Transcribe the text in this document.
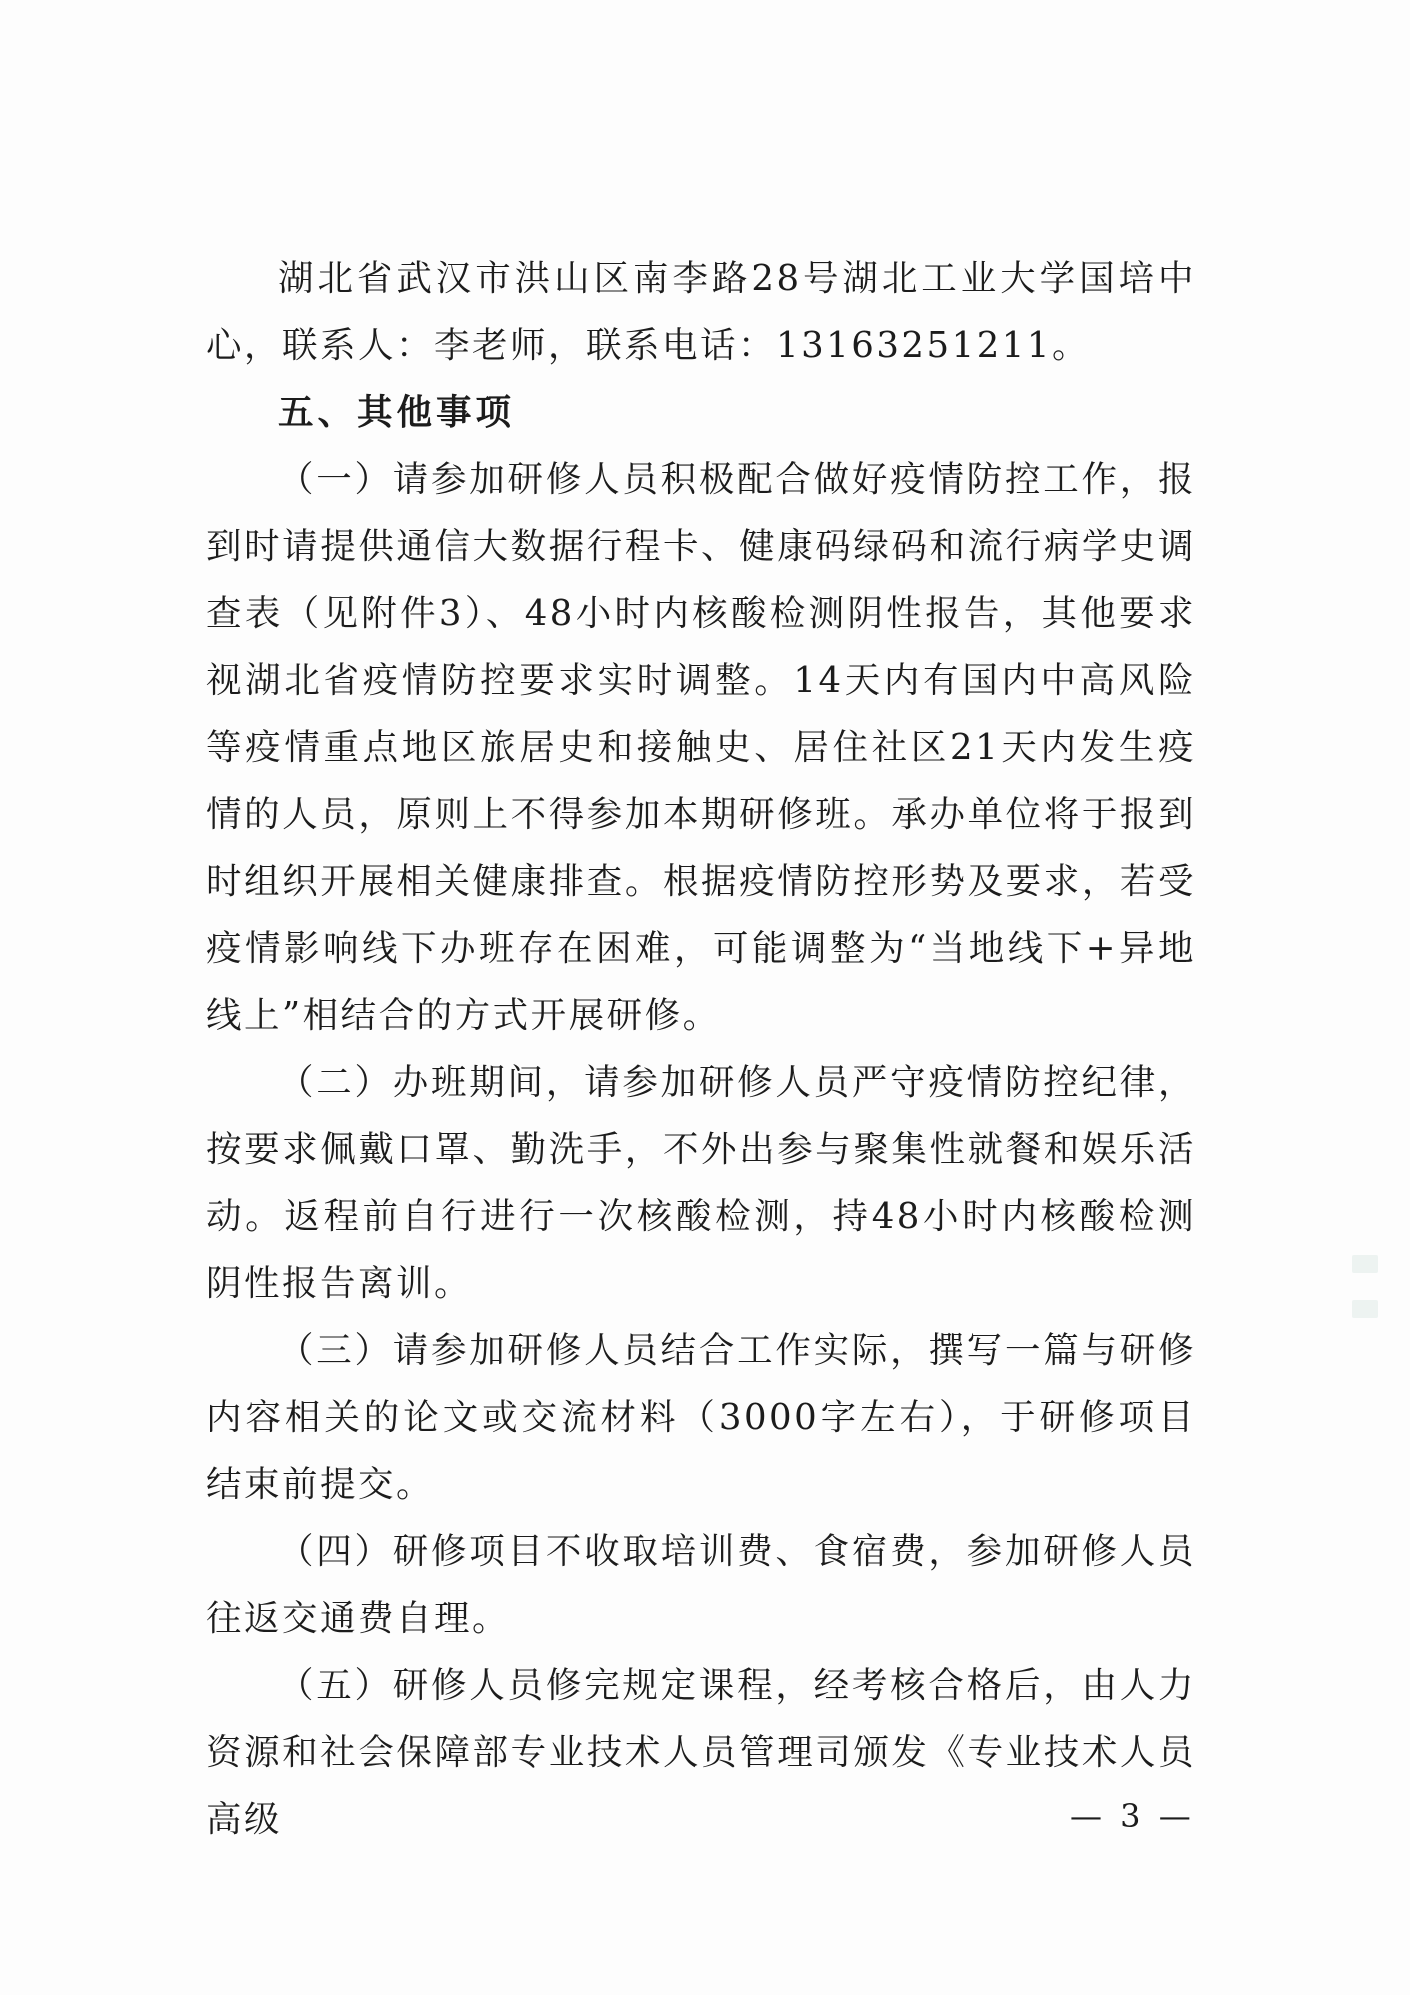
湖北省武汉市洪山区南李路28号湖北工业大学国培中心，联系人：李老师，联系电话：13163251211。

五、其他事项

（一）请参加研修人员积极配合做好疫情防控工作，报到时请提供通信大数据行程卡、健康码绿码和流行病学史调查表（见附件3）、48小时内核酸检测阴性报告，其他要求视湖北省疫情防控要求实时调整。14天内有国内中高风险等疫情重点地区旅居史和接触史、居住社区21天内发生疫情的人员，原则上不得参加本期研修班。承办单位将于报到时组织开展相关健康排查。根据疫情防控形势及要求，若受疫情影响线下办班存在困难，可能调整为“当地线下+异地线上”相结合的方式开展研修。

（二）办班期间，请参加研修人员严守疫情防控纪律，按要求佩戴口罩、勤洗手，不外出参与聚集性就餐和娱乐活动。返程前自行进行一次核酸检测，持48小时内核酸检测阴性报告离训。

（三）请参加研修人员结合工作实际，撰写一篇与研修内容相关的论文或交流材料（3000字左右），于研修项目结束前提交。

（四）研修项目不收取培训费、食宿费，参加研修人员往返交通费自理。

（五）研修人员修完规定课程，经考核合格后，由人力资源和社会保障部专业技术人员管理司颁发《专业技术人员高级	— 3 —
